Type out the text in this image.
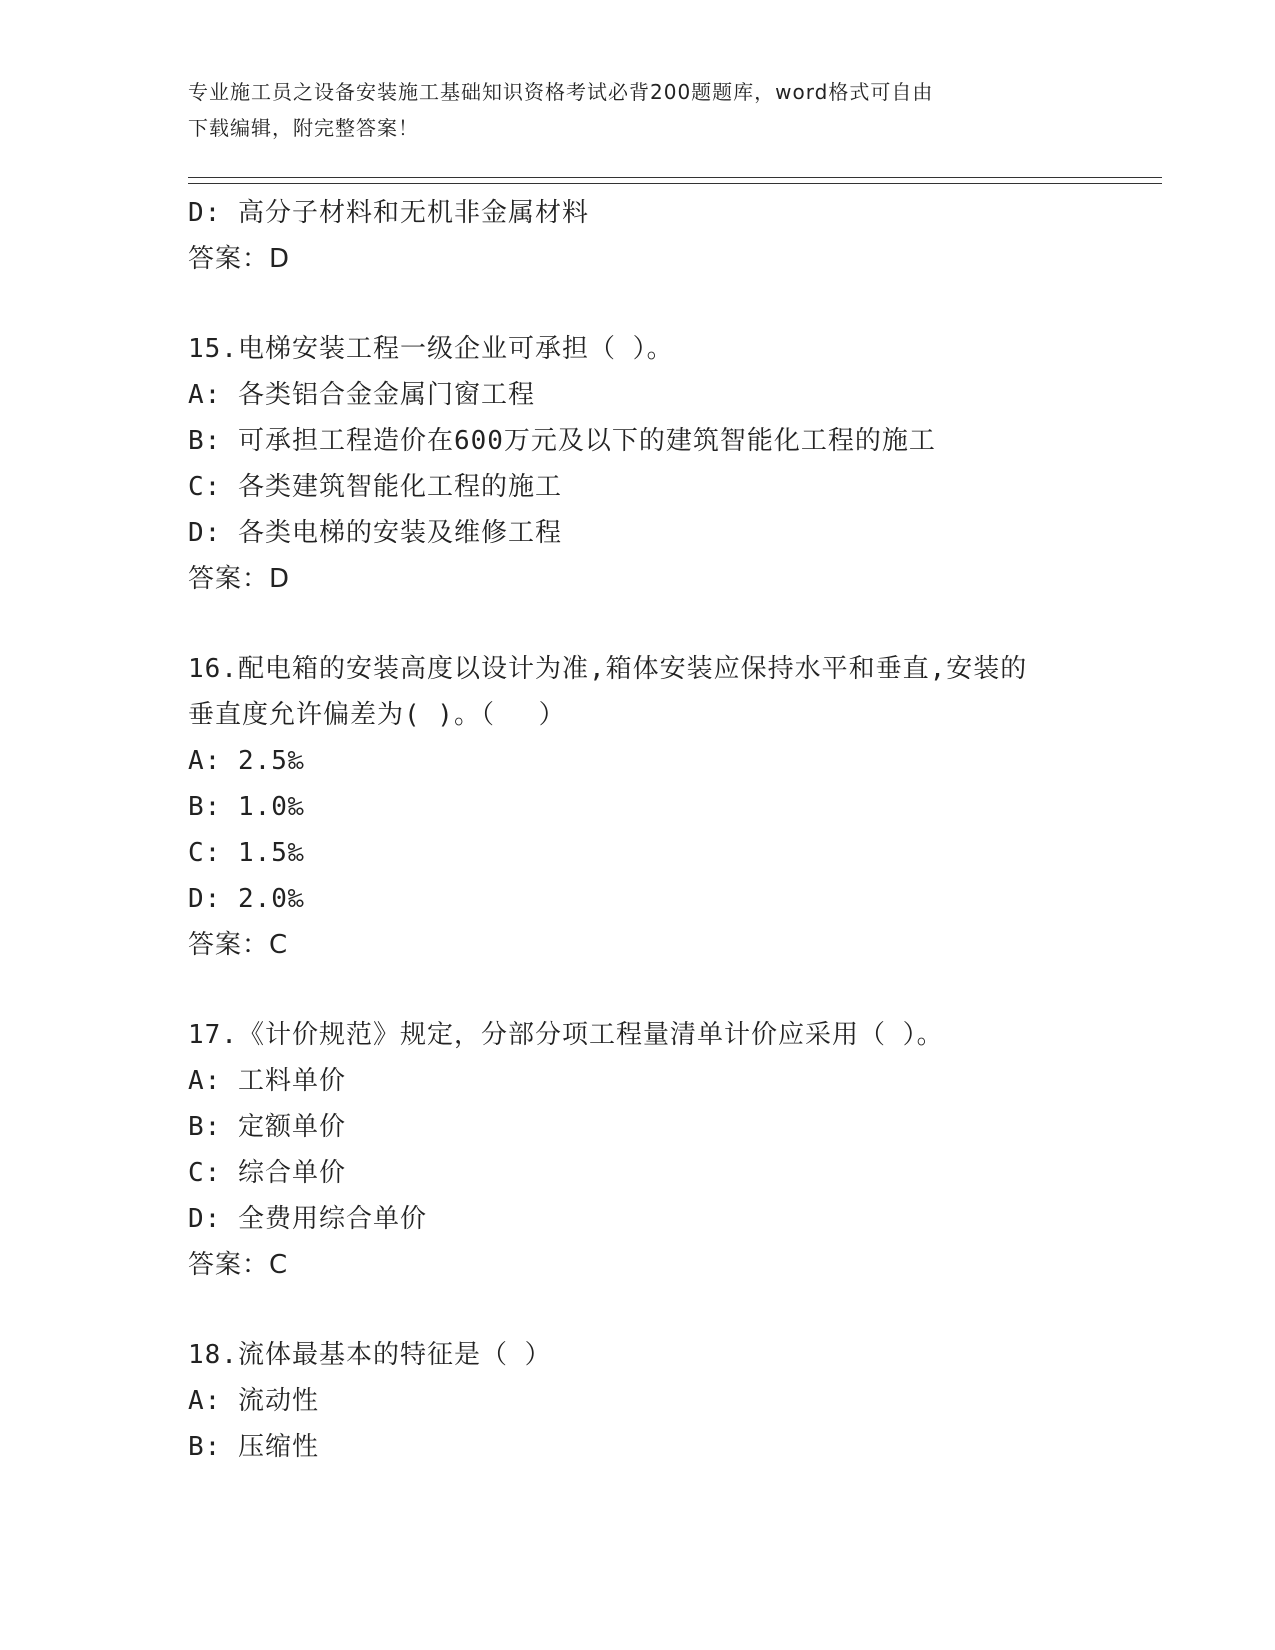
专业施工员之设备安装施工基础知识资格考试必背200题题库，word格式可自由
下载编辑，附完整答案！
D: 高分子材料和无机非金属材料
答案：D
15.电梯安装工程一级企业可承担（ ）。
A: 各类铝合金金属门窗工程
B: 可承担工程造价在600万元及以下的建筑智能化工程的施工
C: 各类建筑智能化工程的施工
D: 各类电梯的安装及维修工程
答案：D
16.配电箱的安装高度以设计为准,箱体安装应保持水平和垂直,安装的
垂直度允许偏差为( )。（　 ）
A: 2.5‰
B: 1.0‰
C: 1.5‰
D: 2.0‰
答案：C
17.《计价规范》规定，分部分项工程量清单计价应采用（ ）。
A: 工料单价
B: 定额单价
C: 综合单价
D: 全费用综合单价
答案：C
18.流体最基本的特征是（ ）
A: 流动性
B: 压缩性
